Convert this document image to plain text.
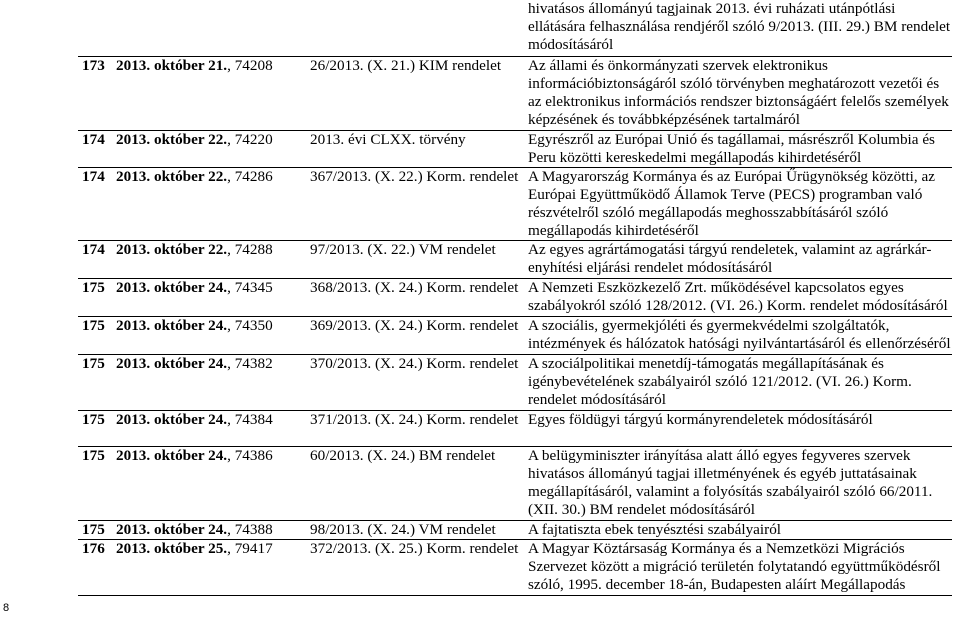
			hivatásos állományú tagjainak 2013. évi ruházati utánpótlási ellátására felhasználása rendjéről szóló 9/2013. (III. 29.) BM rendelet módosításáról
173	2013. október 21., 74208	26/2013. (X. 21.) KIM rendelet	Az állami és önkormányzati szervek elektronikus információbiztonságáról szóló törvényben meghatározott vezetői és az elektronikus információs rendszer biztonságáért felelős személyek képzésének és továbbképzésének tartalmáról
174	2013. október 22., 74220	2013. évi CLXX. törvény	Egyrészről az Európai Unió és tagállamai, másrészről Kolumbia és Peru közötti kereskedelmi megállapodás kihirdetéséről
174	2013. október 22., 74286	367/2013. (X. 22.) Korm. rendelet	A Magyarország Kormánya és az Európai Űrügynökség közötti, az Európai Együttműködő Államok Terve (PECS) programban való részvételről szóló megállapodás meghosszabbításáról szóló megállapodás kihirdetéséről
174	2013. október 22., 74288	97/2013. (X. 22.) VM rendelet	Az egyes agrártámogatási tárgyú rendeletek, valamint az agrárkár-enyhítési eljárási rendelet módosításáról
175	2013. október 24., 74345	368/2013. (X. 24.) Korm. rendelet	A Nemzeti Eszközkezelő Zrt. működésével kapcsolatos egyes szabályokról szóló 128/2012. (VI. 26.) Korm. rendelet módosításáról
175	2013. október 24., 74350	369/2013. (X. 24.) Korm. rendelet	A szociális, gyermekjóléti és gyermekvédelmi szolgáltatók, intézmények és hálózatok hatósági nyilvántartásáról és ellenőrzéséről
175	2013. október 24., 74382	370/2013. (X. 24.) Korm. rendelet	A szociálpolitikai menetdíj-támogatás megállapításának és igénybevételének szabályairól szóló 121/2012. (VI. 26.) Korm. rendelet módosításáról
175	2013. október 24., 74384	371/2013. (X. 24.) Korm. rendelet	Egyes földügyi tárgyú kormányrendeletek módosításáról
175	2013. október 24., 74386	60/2013. (X. 24.) BM rendelet	A belügyminiszter irányítása alatt álló egyes fegyveres szervek hivatásos állományú tagjai illetményének és egyéb juttatásainak megállapításáról, valamint a folyósítás szabályairól szóló 66/2011. (XII. 30.) BM rendelet módosításáról
175	2013. október 24., 74388	98/2013. (X. 24.) VM rendelet	A fajtatiszta ebek tenyésztési szabályairól
176	2013. október 25., 79417	372/2013. (X. 25.) Korm. rendelet	A Magyar Köztársaság Kormánya és a Nemzetközi Migrációs Szervezet között a migráció területén folytatandó együttműködésről szóló, 1995. december 18-án, Budapesten aláírt Megállapodás
8
